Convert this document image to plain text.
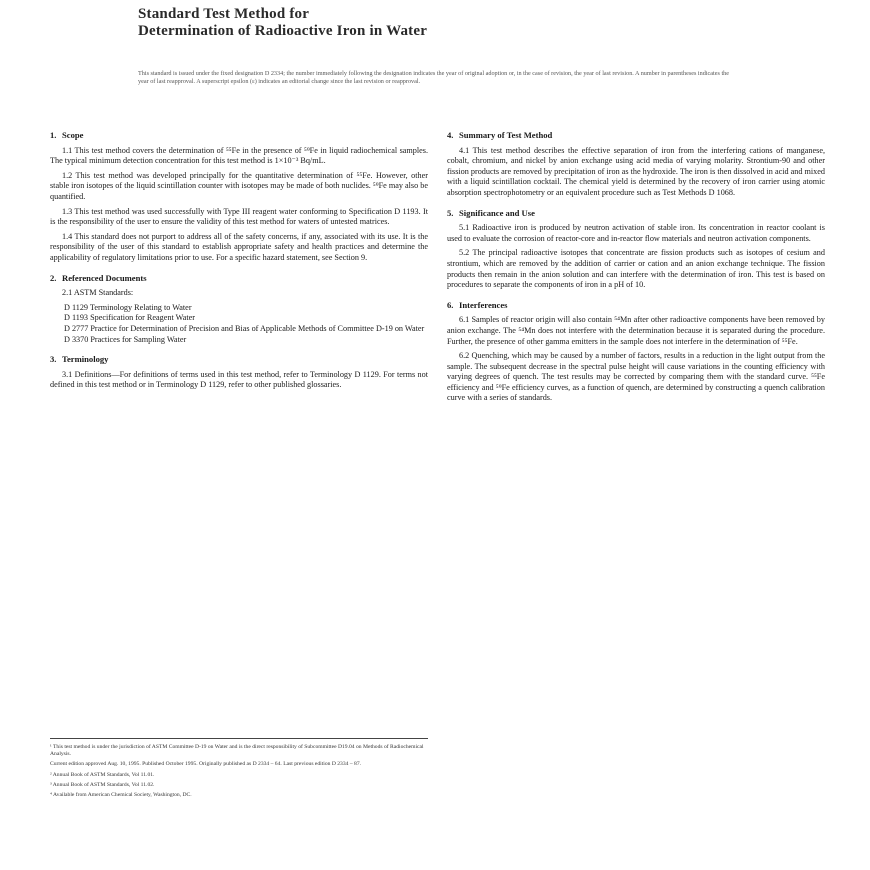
Standard Test Method for
Determination of Radioactive Iron in Water
This standard is issued under the fixed designation D 2334; the number immediately following the designation indicates the year of original adoption or, in the case of revision, the year of last revision. A number in parentheses indicates the year of last reapproval. A superscript epsilon (ε) indicates an editorial change since the last revision or reapproval.
1. Scope

1.1 This test method covers the determination of ⁵⁵Fe in the presence of ⁵⁹Fe in liquid radiochemical samples. The typical minimum detection concentration for this test method is 1×10⁻³ Bq/mL.

1.2 This test method was developed principally for the quantitative determination of ⁵⁵Fe. However, other stable iron isotopes of the liquid scintillation counter with isotopes may be made of both nuclides. ⁵⁹Fe may also be quantified.

1.3 This test method was used successfully with Type III reagent water conforming to Specification D 1193. It is the responsibility of the user to ensure the validity of this test method for waters of untested matrices.

1.4 This standard does not purport to address all of the safety concerns, if any, associated with its use. It is the responsibility of the user of this standard to establish appropriate safety and health practices and determine the applicability of regulatory limitations prior to use. For a specific hazard statement, see Section 9.

2. Referenced Documents

2.1 ASTM Standards:

D 1129 Terminology Relating to Water
D 1193 Specification for Reagent Water
D 2777 Practice for Determination of Precision and Bias of Applicable Methods of Committee D-19 on Water
D 3370 Practices for Sampling Water
3. Terminology

3.1 Definitions—For definitions of terms used in this test method, refer to Terminology D 1129. For terms not defined in this test method or in Terminology D 1129, refer to other published glossaries.

¹ This test method is under the jurisdiction of ASTM Committee D-19 on Water and is the direct responsibility of Subcommittee D19.04 on Methods of Radiochemical Analysis.

Current edition approved Aug. 10, 1995. Published October 1995. Originally published as D 2334 – 64. Last previous edition D 2334 – 87.

² Annual Book of ASTM Standards, Vol 11.01.

³ Annual Book of ASTM Standards, Vol 11.02.

⁴ Available from American Chemical Society, Washington, DC.

4. Summary of Test Method

4.1 This test method describes the effective separation of iron from the interfering cations of manganese, cobalt, chromium, and nickel by anion exchange using acid media of varying molarity. Strontium-90 and other fission products are removed by precipitation of iron as the hydroxide. The iron is then dissolved in acid and mixed with a liquid scintillation cocktail. The chemical yield is determined by the recovery of iron carrier using atomic absorption spectrophotometry or an equivalent procedure such as Test Methods D 1068.

5. Significance and Use

5.1 Radioactive iron is produced by neutron activation of stable iron. Its concentration in reactor coolant is used to evaluate the corrosion of reactor-core and in-reactor flow materials and neutron activation components.

5.2 The principal radioactive isotopes that concentrate are fission products such as isotopes of cesium and strontium, which are removed by the addition of carrier or cation and an anion exchange technique. The fission products then remain in the anion solution and can interfere with the determination of iron. This test is based on procedures to separate the components of iron in a pH of 10.

6. Interferences

6.1 Samples of reactor origin will also contain ⁵⁴Mn after other radioactive components have been removed by anion exchange. The ⁵⁴Mn does not interfere with the determination because it is separated during the procedure. Further, the presence of other gamma emitters in the sample does not interfere in the determination of ⁵⁵Fe.

6.2 Quenching, which may be caused by a number of factors, results in a reduction in the light output from the sample. The subsequent decrease in the spectral pulse height will cause variations in the counting efficiency with varying degrees of quench. The test results may be corrected by comparing them with the standard curve. ⁵⁵Fe efficiency and ⁵⁹Fe efficiency curves, as a function of quench, are determined by constructing a quench calibration curve with a series of standards.
